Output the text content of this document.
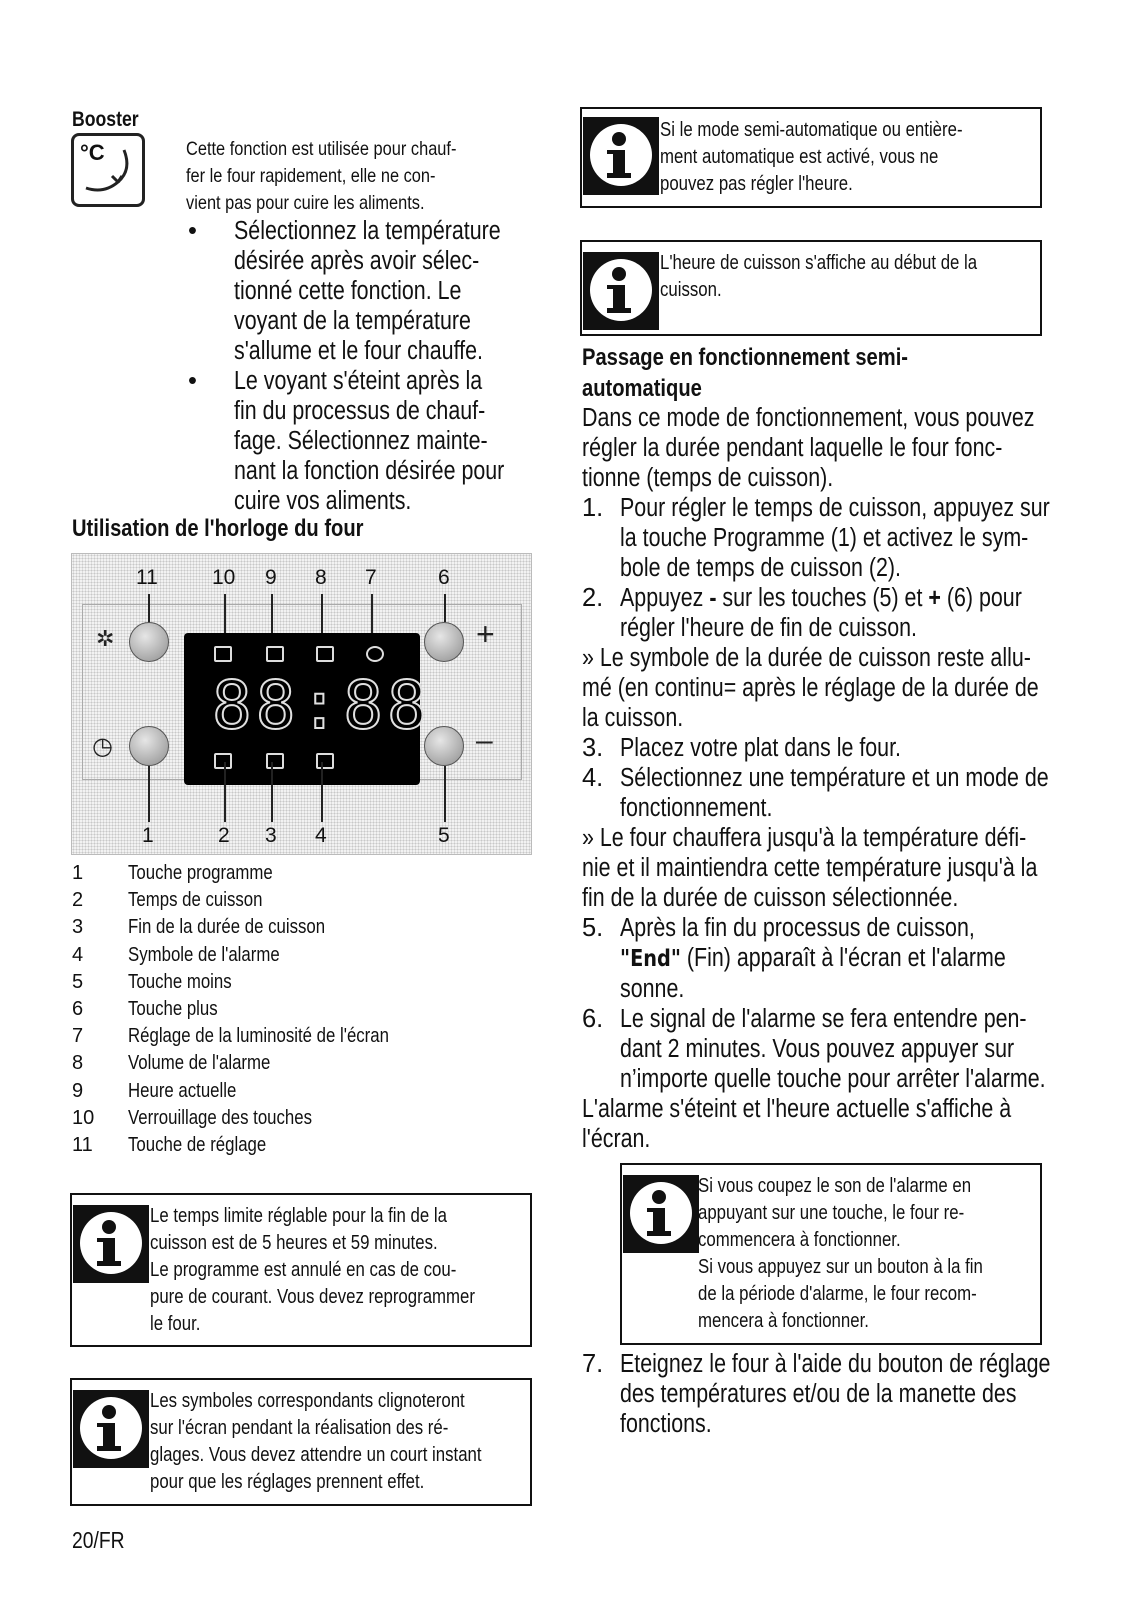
Booster
°C	Cette fonction est utilisée pour chauf-
fer le four rapidement, elle ne con-
vient pas pour cuire les aliments.
• Sélectionnez la température
désirée après avoir sélec-
tionné cette fonction. Le
voyant de la température
s'allume et le four chauffe.
• Le voyant s'éteint après la
fin du processus de chauf-
fage. Sélectionnez mainte-
nant la fonction désirée pour
cuire vos aliments.
Utilisation de l'horloge du four
11	10 9 8 7	6
✲	+
◷	–
88:88
1	2 3 4	5
1	Touche programme
2	Temps de cuisson
3	Fin de la durée de cuisson
4	Symbole de l'alarme
5	Touche moins
6	Touche plus
7	Réglage de la luminosité de l'écran
8	Volume de l'alarme
9	Heure actuelle
10	Verrouillage des touches
11	Touche de réglage
Le temps limite réglable pour la fin de la
cuisson est de 5 heures et 59 minutes.
Le programme est annulé en cas de cou-
pure de courant. Vous devez reprogrammer
le four.
Les symboles correspondants clignoteront
sur l'écran pendant la réalisation des ré-
glages. Vous devez attendre un court instant
pour que les réglages prennent effet.
20/FR
Si le mode semi-automatique ou entière-
ment automatique est activé, vous ne
pouvez pas régler l'heure.
L'heure de cuisson s'affiche au début de la
cuisson.
Passage en fonctionnement semi-
automatique
Dans ce mode de fonctionnement, vous pouvez
régler la durée pendant laquelle le four fonc-
tionne (temps de cuisson).
1. Pour régler le temps de cuisson, appuyez sur
la touche Programme (1) et activez le sym-
bole de temps de cuisson (2).
2. Appuyez - sur les touches (5) et + (6) pour
régler l'heure de fin de cuisson.
» Le symbole de la durée de cuisson reste allu-
mé (en continu= après le réglage de la durée de
la cuisson.
3. Placez votre plat dans le four.
4. Sélectionnez une température et un mode de
fonctionnement.
» Le four chauffera jusqu'à la température défi-
nie et il maintiendra cette température jusqu'à la
fin de la durée de cuisson sélectionnée.
5. Après la fin du processus de cuisson,
"End" (Fin) apparaît à l'écran et l'alarme
sonne.
6. Le signal de l'alarme se fera entendre pen-
dant 2 minutes. Vous pouvez appuyer sur
n’importe quelle touche pour arrêter l'alarme.
L'alarme s'éteint et l'heure actuelle s'affiche à
l'écran.
Si vous coupez le son de l'alarme en
appuyant sur une touche, le four re-
commencera à fonctionner.
Si vous appuyez sur un bouton à la fin
de la période d'alarme, le four recom-
mencera à fonctionner.
7. Eteignez le four à l'aide du bouton de réglage
des températures et/ou de la manette des
fonctions.
